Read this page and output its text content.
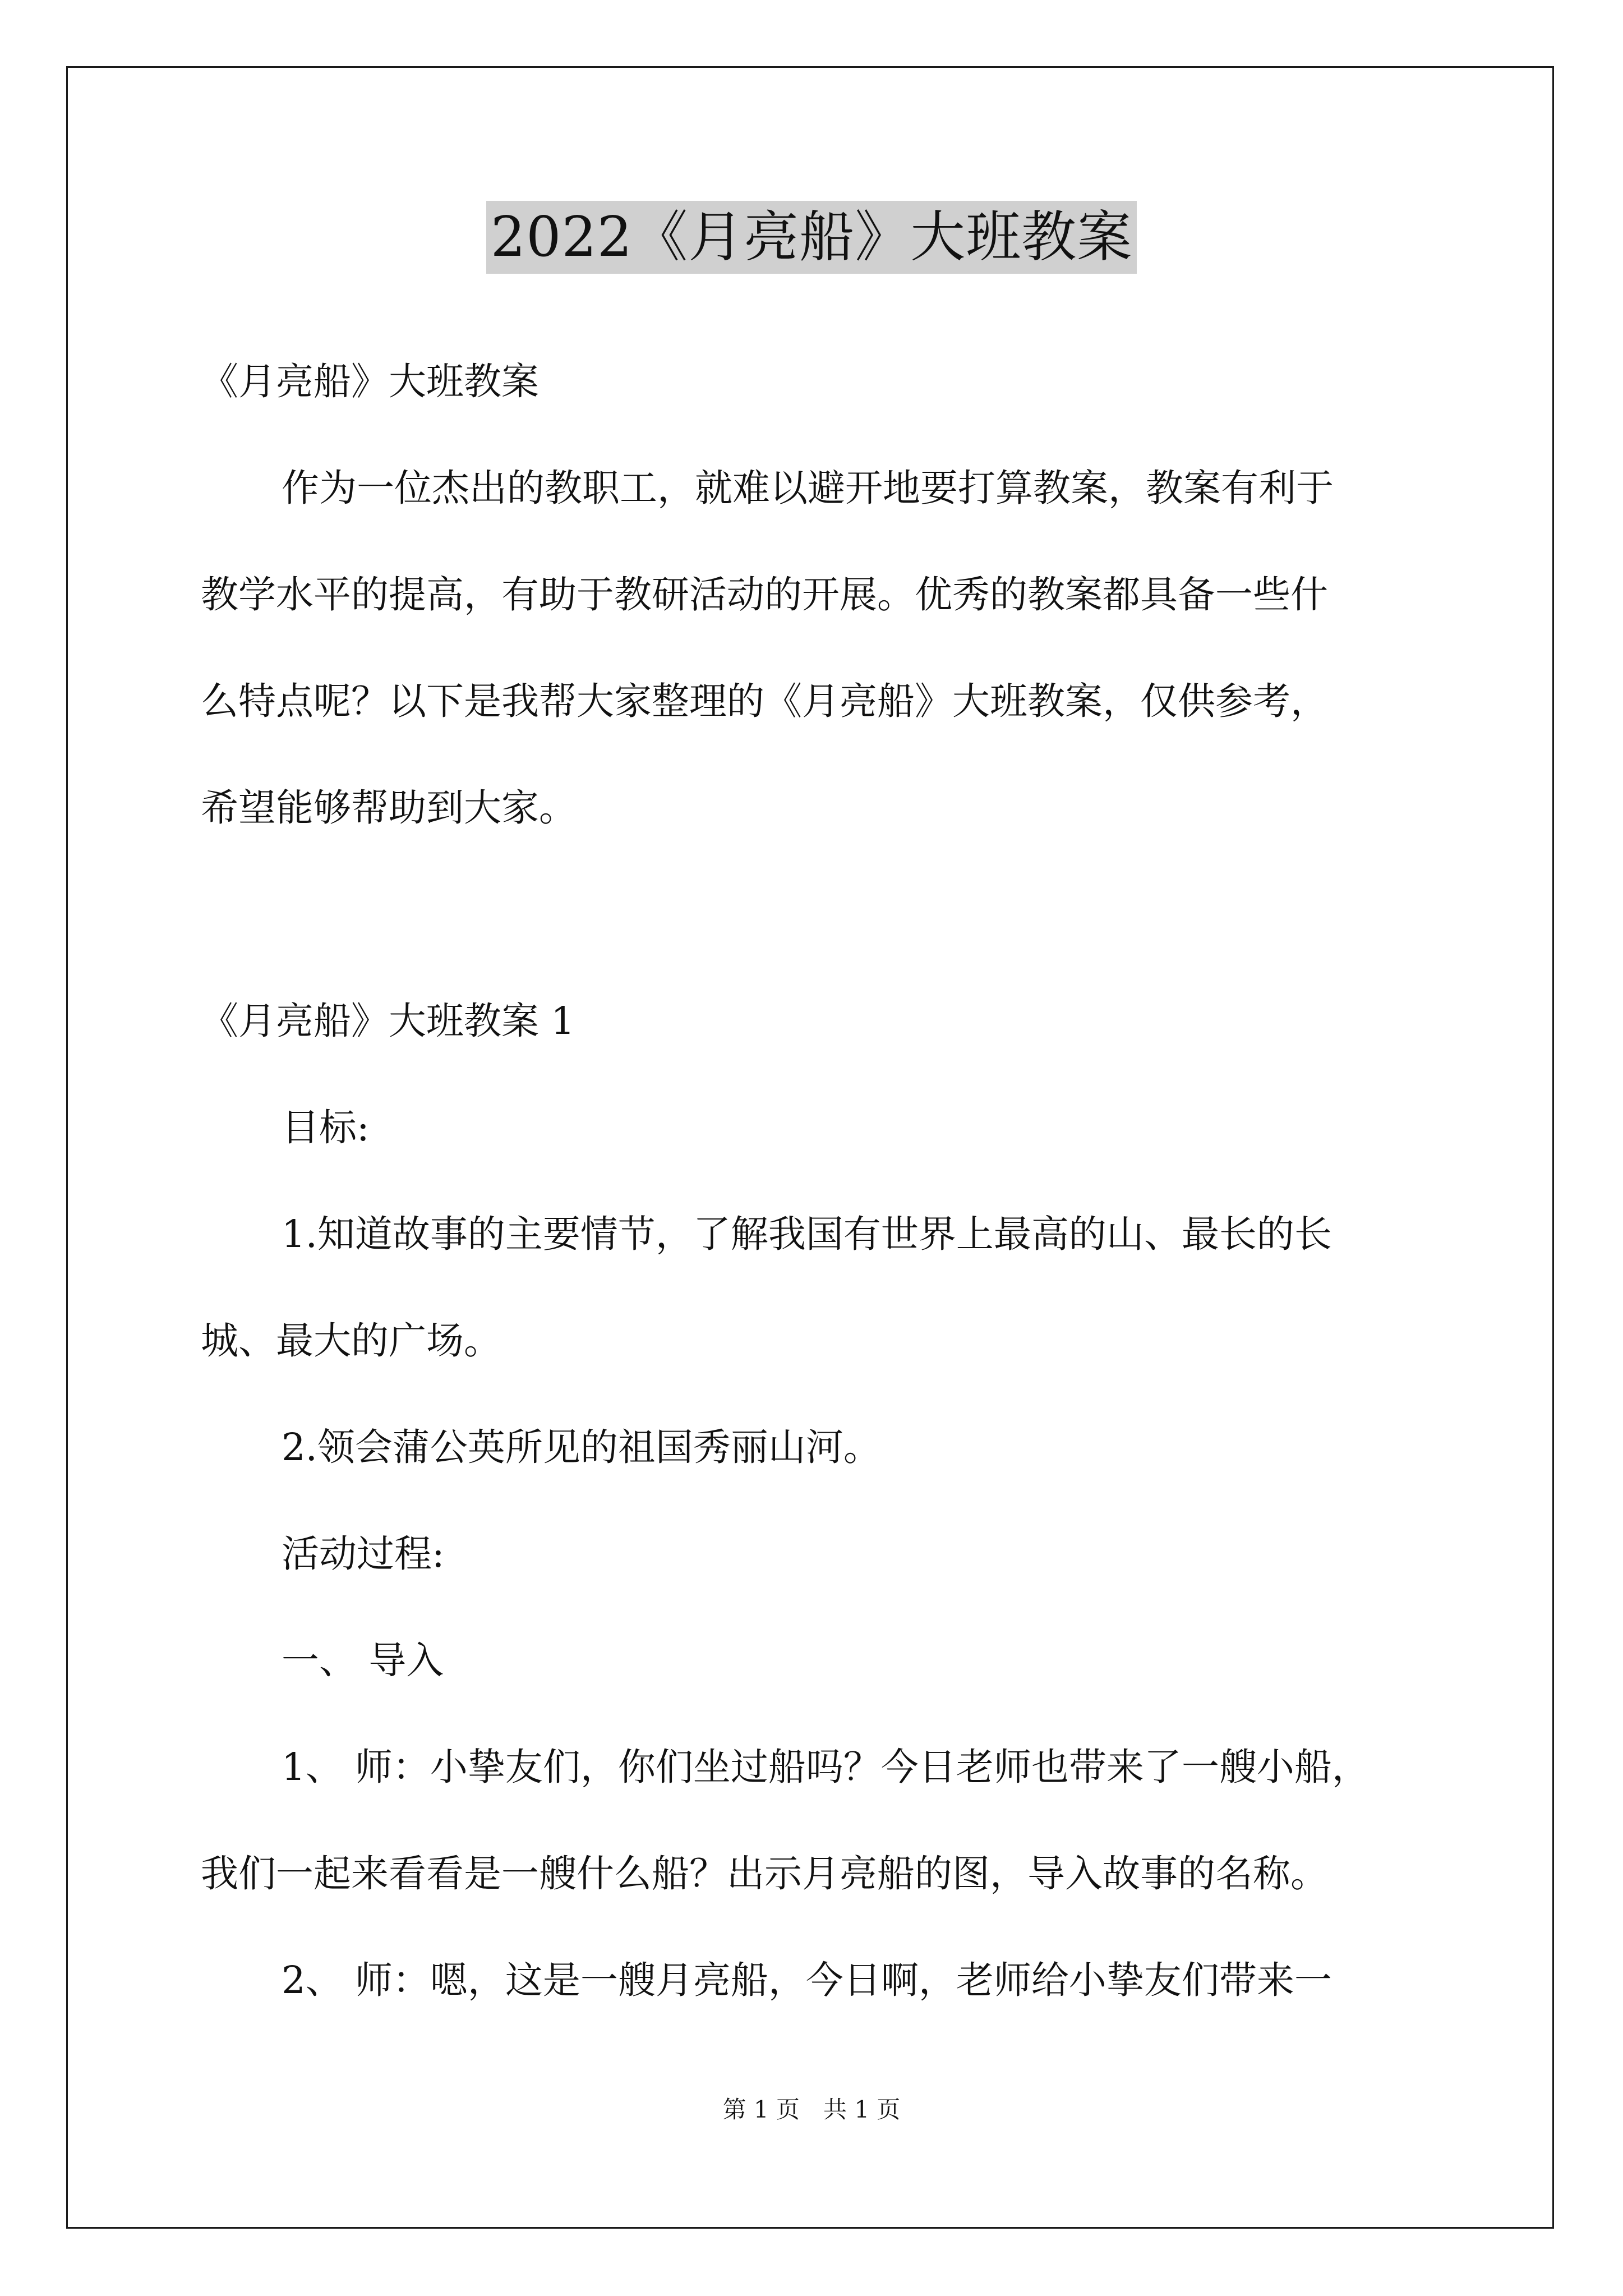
2022《月亮船》大班教案
《月亮船》大班教案
作为一位杰出的教职工，就难以避开地要打算教案，教案有利于
教学水平的提高，有助于教研活动的开展。优秀的教案都具备一些什
么特点呢？以下是我帮大家整理的《月亮船》大班教案，仅供参考，
希望能够帮助到大家。
《月亮船》大班教案 1
目标:
1.知道故事的主要情节，了解我国有世界上最高的山、最长的长
城、最大的广场。
2.领会蒲公英所见的祖国秀丽山河。
活动过程:
一、 导入
1、 师：小挚友们，你们坐过船吗？今日老师也带来了一艘小船，
我们一起来看看是一艘什么船？出示月亮船的图，导入故事的名称。
2、 师：嗯，这是一艘月亮船，今日啊，老师给小挚友们带来一
第 1 页　共 1 页
